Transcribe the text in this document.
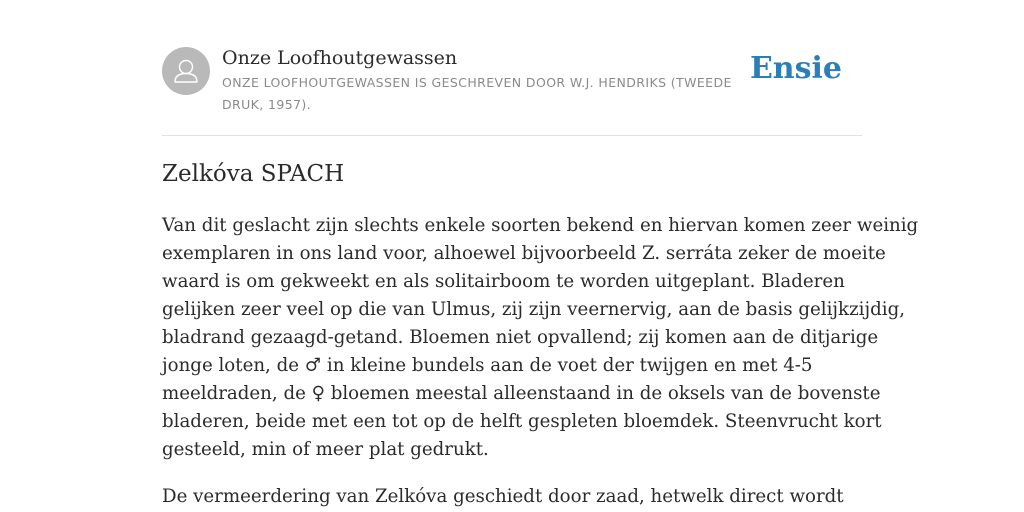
Onze Loofhoutgewassen
ONZE LOOFHOUTGEWASSEN IS GESCHREVEN DOOR W.J. HENDRIKS (TWEEDE DRUK, 1957).
Ensie
Zelkóva SPACH

Van dit geslacht zijn slechts enkele soorten bekend en hiervan komen zeer weinig
exemplaren in ons land voor, alhoewel bijvoorbeeld Z. serráta zeker de moeite
waard is om gekweekt en als solitairboom te worden uitgeplant. Bladeren
gelijken zeer veel op die van Ulmus, zij zijn veernervig, aan de basis gelijkzijdig,
bladrand gezaagd-getand. Bloemen niet opvallend; zij komen aan de ditjarige
jonge loten, de ♂ in kleine bundels aan de voet der twijgen en met 4-5
meeldraden, de ♀ bloemen meestal alleenstaand in de oksels van de bovenste
bladeren, beide met een tot op de helft gespleten bloemdek. Steenvrucht kort
gesteeld, min of meer plat gedrukt.

De vermeerdering van Zelkóva geschiedt door zaad, hetwelk direct wordt
